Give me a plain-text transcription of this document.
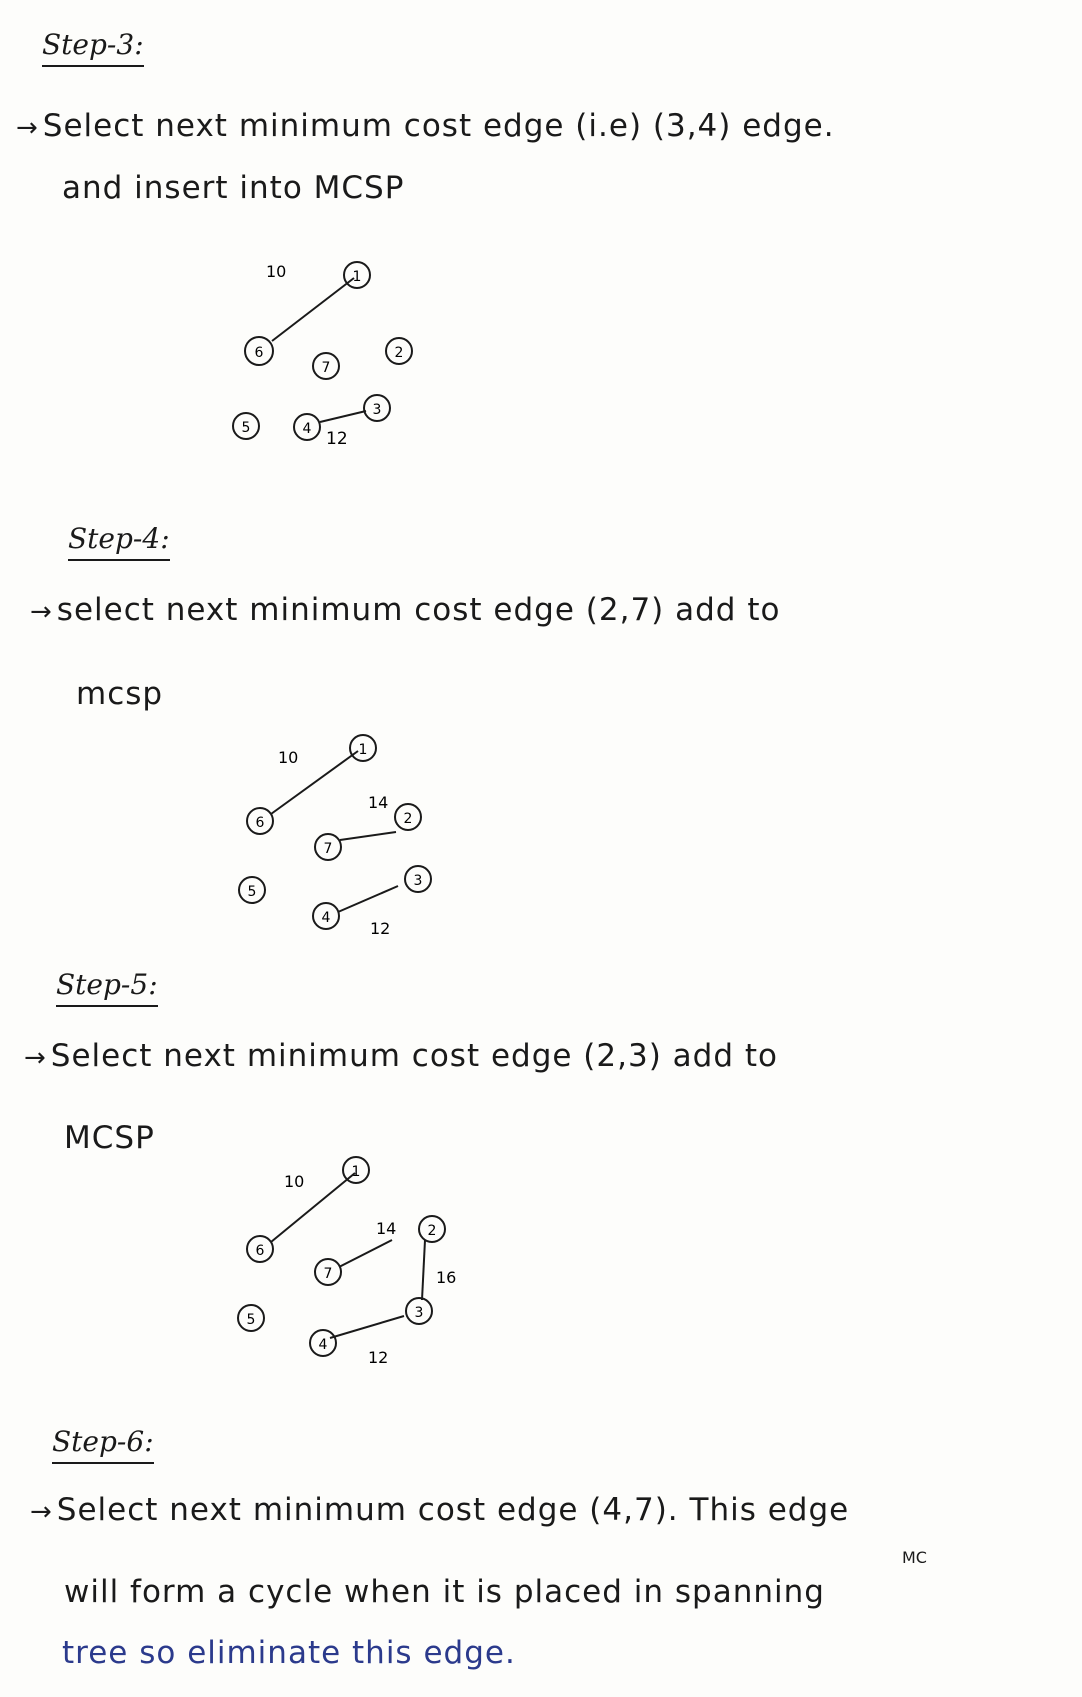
Step-3:
→ Select next minimum cost edge (i.e) (3,4) edge.
and insert into MCSP
10
12
1
6
7
2
5	4
3
Step-4:
→ select next minimum cost edge (2,7) add to
mcsp
10
14
12
1
6
7
2
5
4
3
Step-5:
→ Select next minimum cost edge (2,3) add to
MCSP
10
14
16
12
1
6
7
2
5
4
3
Step-6:
→ Select next minimum cost edge (4,7). This edge
MC
will form a cycle when it is placed in spanning
tree so eliminate this edge.
